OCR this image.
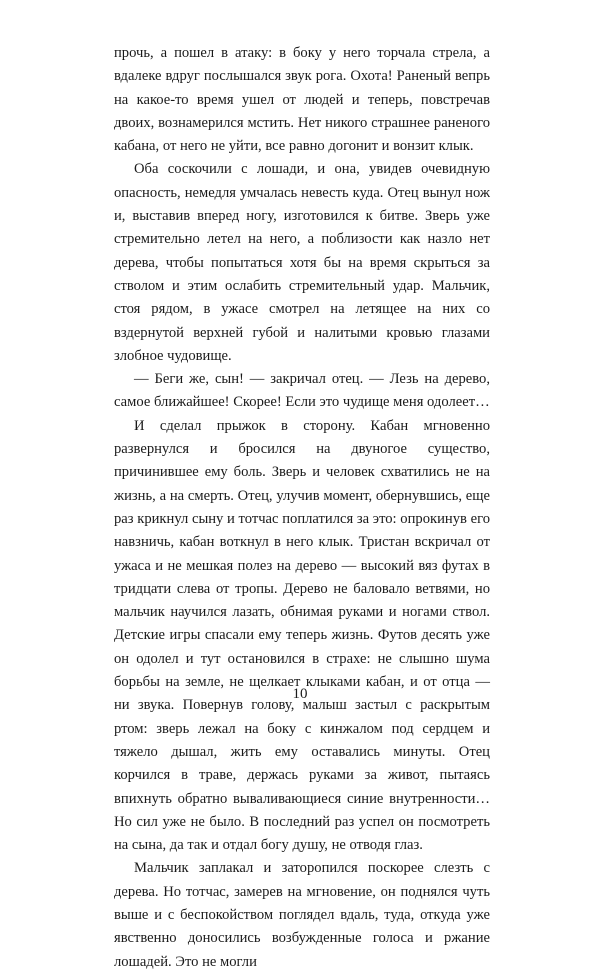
прочь, а пошел в атаку: в боку у него торчала стрела, а вдалеке вдруг послышался звук рога. Охота! Раненый вепрь на какое-то время ушел от людей и теперь, повстречав двоих, вознамерился мстить. Нет никого страшнее раненого кабана, от него не уйти, все равно догонит и вонзит клык.

Оба соскочили с лошади, и она, увидев очевидную опасность, немедля умчалась невесть куда. Отец вынул нож и, выставив вперед ногу, изготовился к битве. Зверь уже стремительно летел на него, а поблизости как назло нет дерева, чтобы попытаться хотя бы на время скрыться за стволом и этим ослабить стремительный удар. Мальчик, стоя рядом, в ужасе смотрел на летящее на них со вздернутой верхней губой и налитыми кровью глазами злобное чудовище.

— Беги же, сын! — закричал отец. — Лезь на дерево, самое ближайшее! Скорее! Если это чудище меня одолеет…

И сделал прыжок в сторону. Кабан мгновенно развернулся и бросился на двуногое существо, причинившее ему боль. Зверь и человек схватились не на жизнь, а на смерть. Отец, улучив момент, обернувшись, еще раз крикнул сыну и тотчас поплатился за это: опрокинув его навзничь, кабан воткнул в него клык. Тристан вскричал от ужаса и не мешкая полез на дерево — высокий вяз футах в тридцати слева от тропы. Дерево не баловало ветвями, но мальчик научился лазать, обнимая руками и ногами ствол. Детские игры спасали ему теперь жизнь. Футов десять уже он одолел и тут остановился в страхе: не слышно шума борьбы на земле, не щелкает клыками кабан, и от отца — ни звука. Повернув голову, малыш застыл с раскрытым ртом: зверь лежал на боку с кинжалом под сердцем и тяжело дышал, жить ему оставались минуты. Отец корчился в траве, держась руками за живот, пытаясь впихнуть обратно вываливающиеся синие внутренности… Но сил уже не было. В последний раз успел он посмотреть на сына, да так и отдал богу душу, не отводя глаз.

Мальчик заплакал и заторопился поскорее слезть с дерева. Но тотчас, замерев на мгновение, он поднялся чуть выше и с беспокойством поглядел вдаль, туда, откуда уже явственно доносились возбужденные голоса и ржание лошадей. Это не могли

10
